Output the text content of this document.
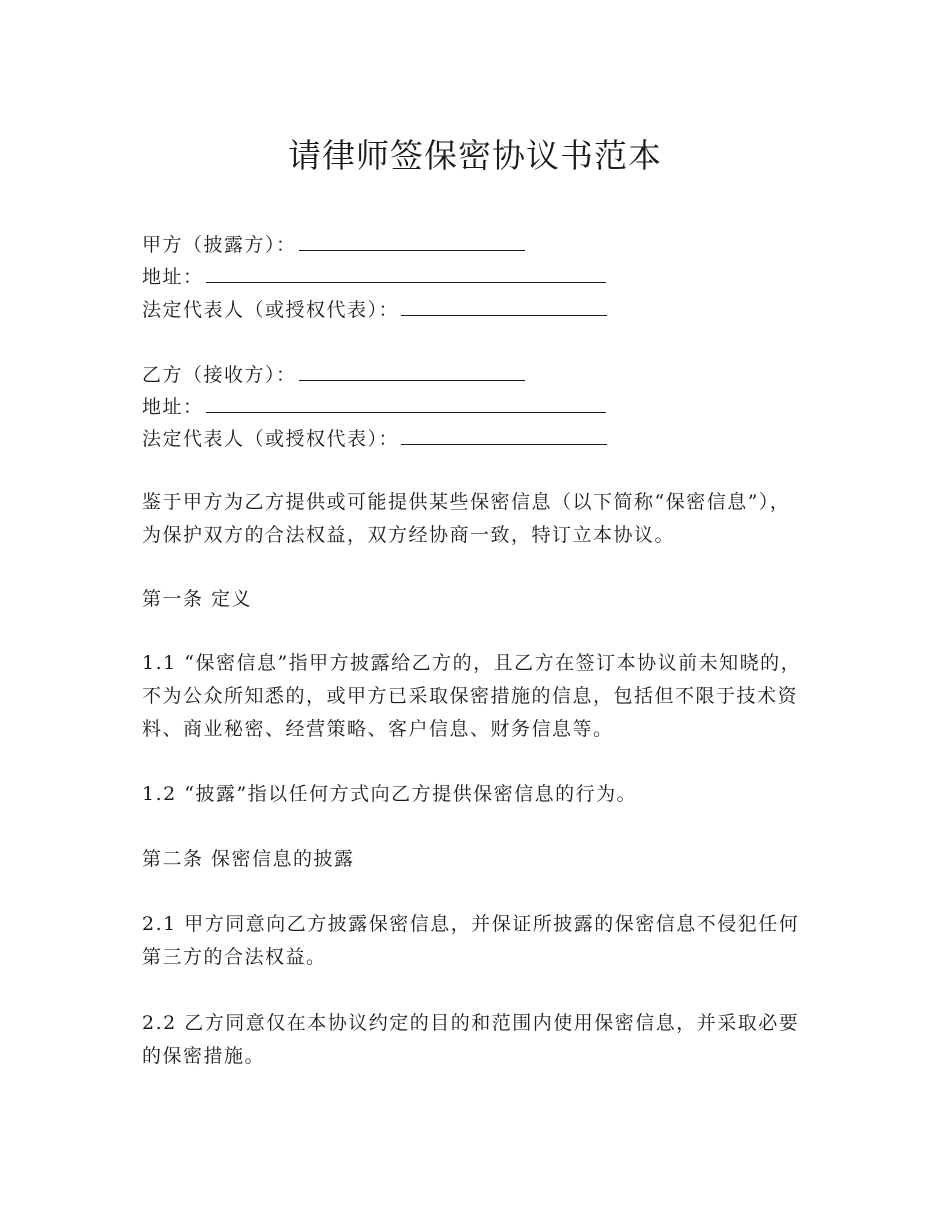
请律师签保密协议书范本
甲方（披露方）：
地址：
法定代表人（或授权代表）：
乙方（接收方）：
地址：
法定代表人（或授权代表）：
鉴于甲方为乙方提供或可能提供某些保密信息（以下简称“保密信息”），为保护双方的合法权益，双方经协商一致，特订立本协议。
第一条 定义
1.1 “保密信息”指甲方披露给乙方的，且乙方在签订本协议前未知晓的，不为公众所知悉的，或甲方已采取保密措施的信息，包括但不限于技术资料、商业秘密、经营策略、客户信息、财务信息等。
1.2 “披露”指以任何方式向乙方提供保密信息的行为。
第二条 保密信息的披露
2.1 甲方同意向乙方披露保密信息，并保证所披露的保密信息不侵犯任何第三方的合法权益。
2.2 乙方同意仅在本协议约定的目的和范围内使用保密信息，并采取必要的保密措施。
